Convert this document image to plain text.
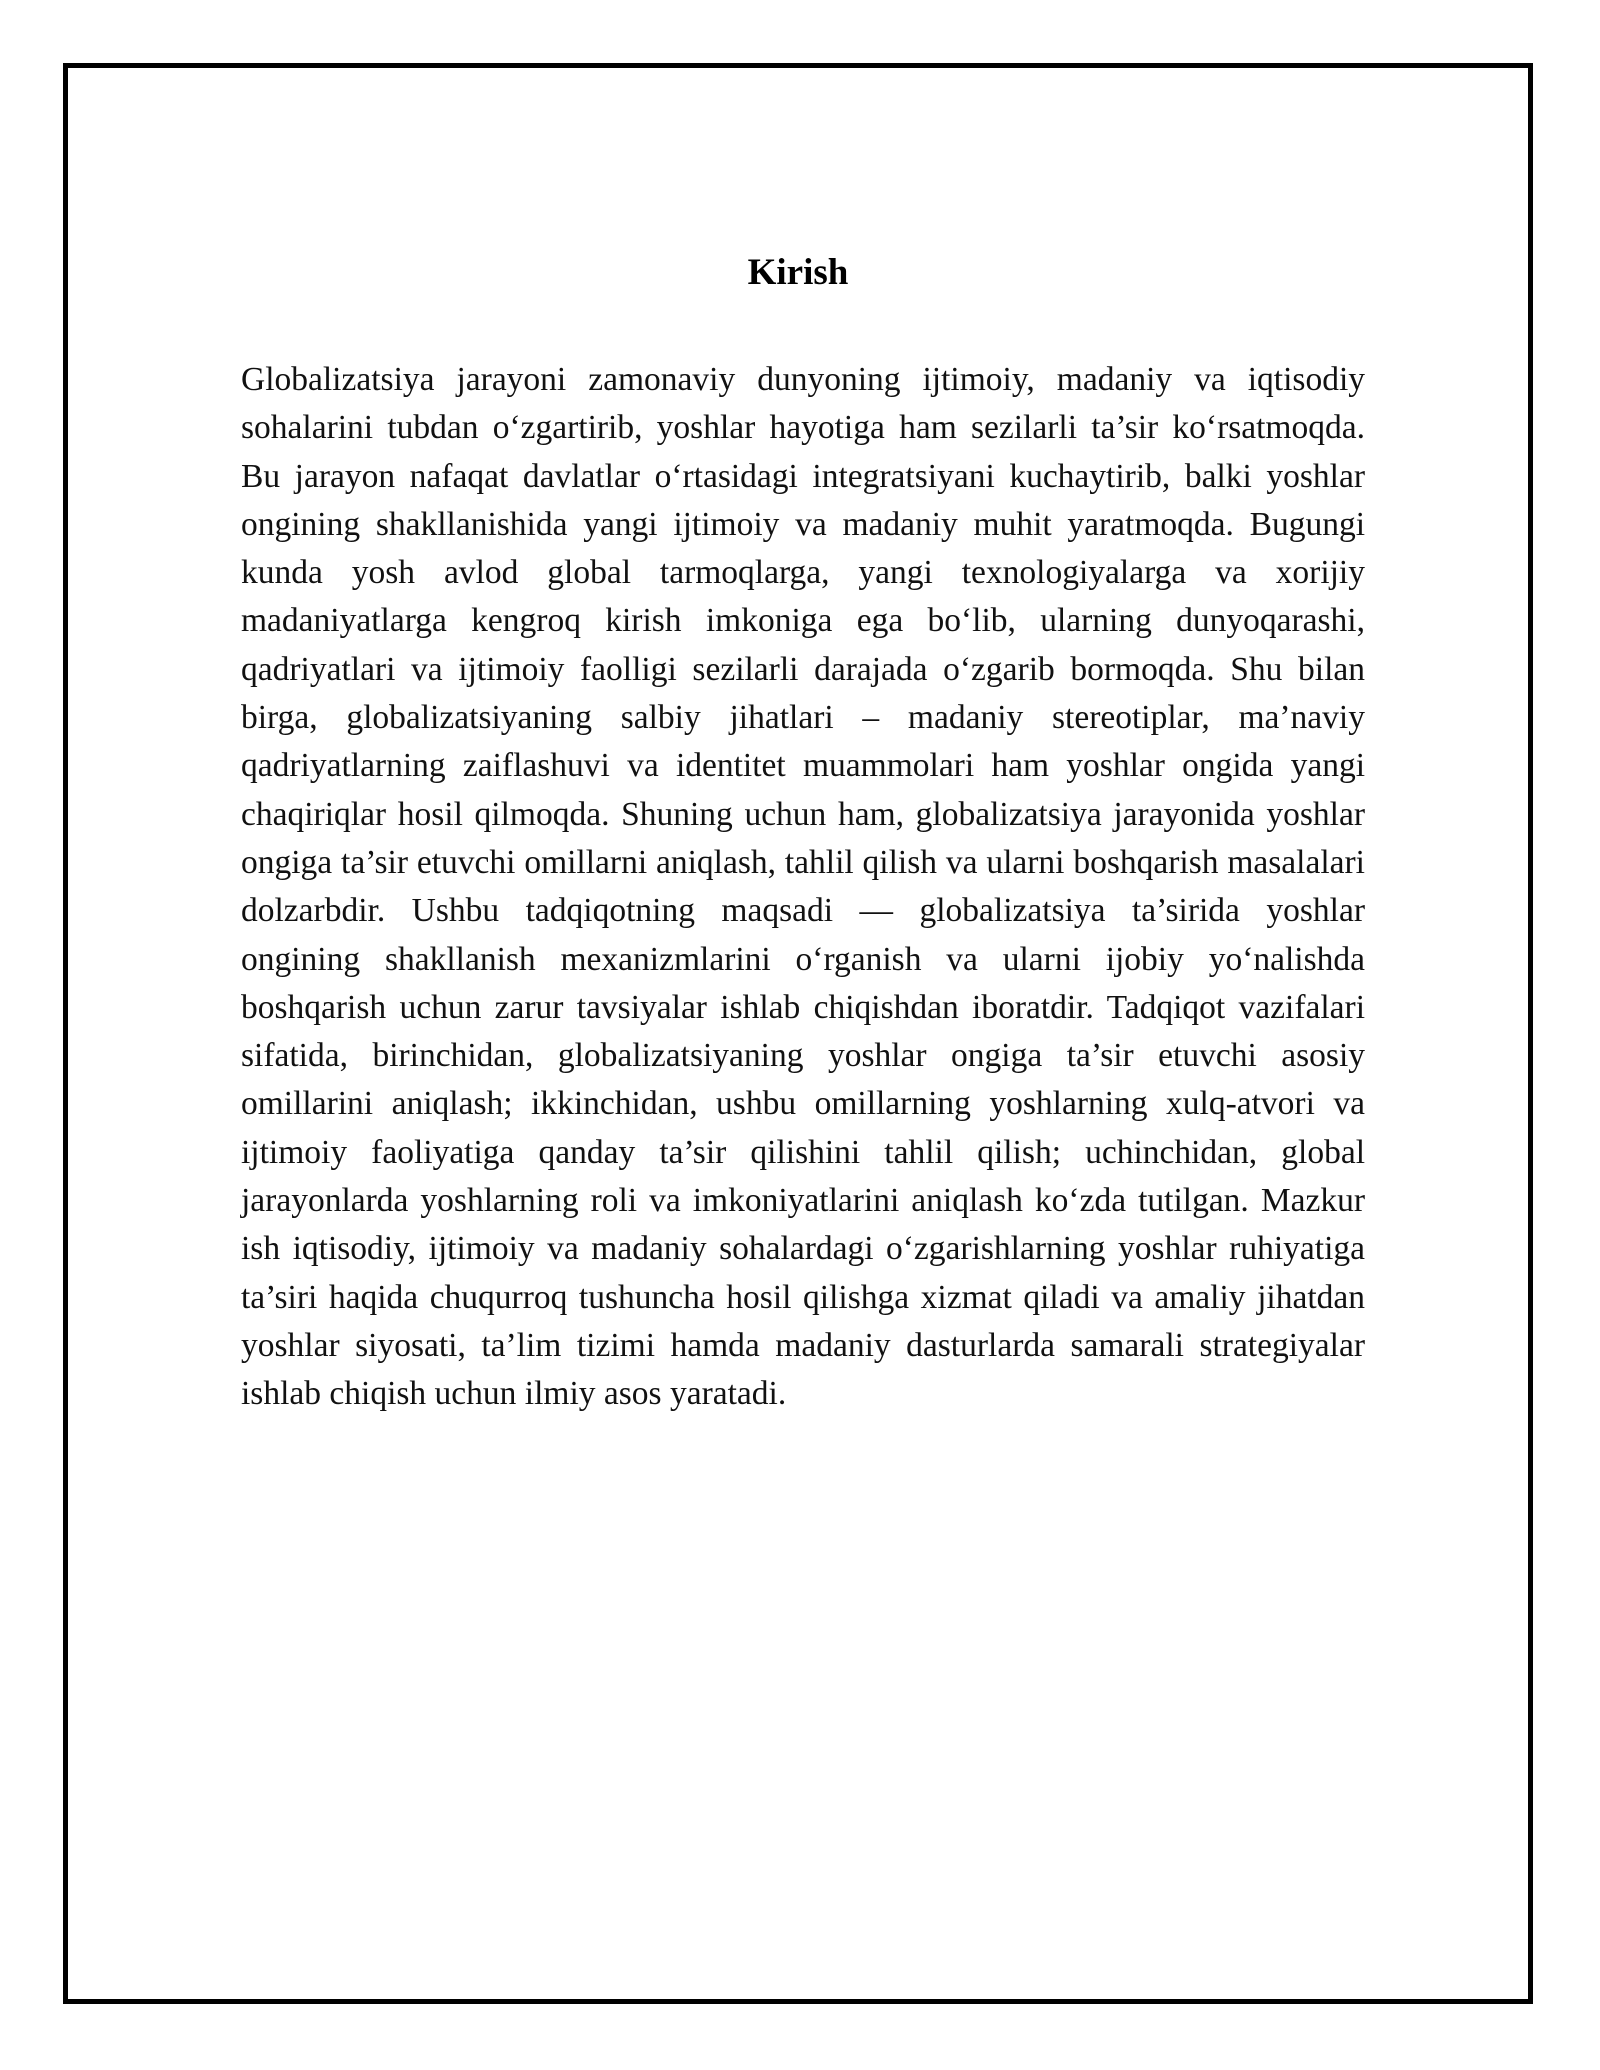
Kirish

Globalizatsiya jarayoni zamonaviy dunyoning ijtimoiy, madaniy va iqtisodiy sohalarini tubdan o‘zgartirib, yoshlar hayotiga ham sezilarli ta’sir ko‘rsatmoqda. Bu jarayon nafaqat davlatlar o‘rtasidagi integratsiyani kuchaytirib, balki yoshlar ongining shakllanishida yangi ijtimoiy va madaniy muhit yaratmoqda. Bugungi kunda yosh avlod global tarmoqlarga, yangi texnologiyalarga va xorijiy madaniyatlarga kengroq kirish imkoniga ega bo‘lib, ularning dunyoqarashi, qadriyatlari va ijtimoiy faolligi sezilarli darajada o‘zgarib bormoqda. Shu bilan birga, globalizatsiyaning salbiy jihatlari – madaniy stereotiplar, ma’naviy qadriyatlarning zaiflashuvi va identitet muammolari ham yoshlar ongida yangi chaqiriqlar hosil qilmoqda. Shuning uchun ham, globalizatsiya jarayonida yoshlar ongiga ta’sir etuvchi omillarni aniqlash, tahlil qilish va ularni boshqarish masalalari dolzarbdir. Ushbu tadqiqotning maqsadi — globalizatsiya ta’sirida yoshlar ongining shakllanish mexanizmlarini o‘rganish va ularni ijobiy yo‘nalishda boshqarish uchun zarur tavsiyalar ishlab chiqishdan iboratdir. Tadqiqot vazifalari sifatida, birinchidan, globalizatsiyaning yoshlar ongiga ta’sir etuvchi asosiy omillarini aniqlash; ikkinchidan, ushbu omillarning yoshlarning xulq-atvori va ijtimoiy faoliyatiga qanday ta’sir qilishini tahlil qilish; uchinchidan, global jarayonlarda yoshlarning roli va imkoniyatlarini aniqlash ko‘zda tutilgan. Mazkur ish iqtisodiy, ijtimoiy va madaniy sohalardagi o‘zgarishlarning yoshlar ruhiyatiga ta’siri haqida chuqurroq tushuncha hosil qilishga xizmat qiladi va amaliy jihatdan yoshlar siyosati, ta’lim tizimi hamda madaniy dasturlarda samarali strategiyalar ishlab chiqish uchun ilmiy asos yaratadi.
